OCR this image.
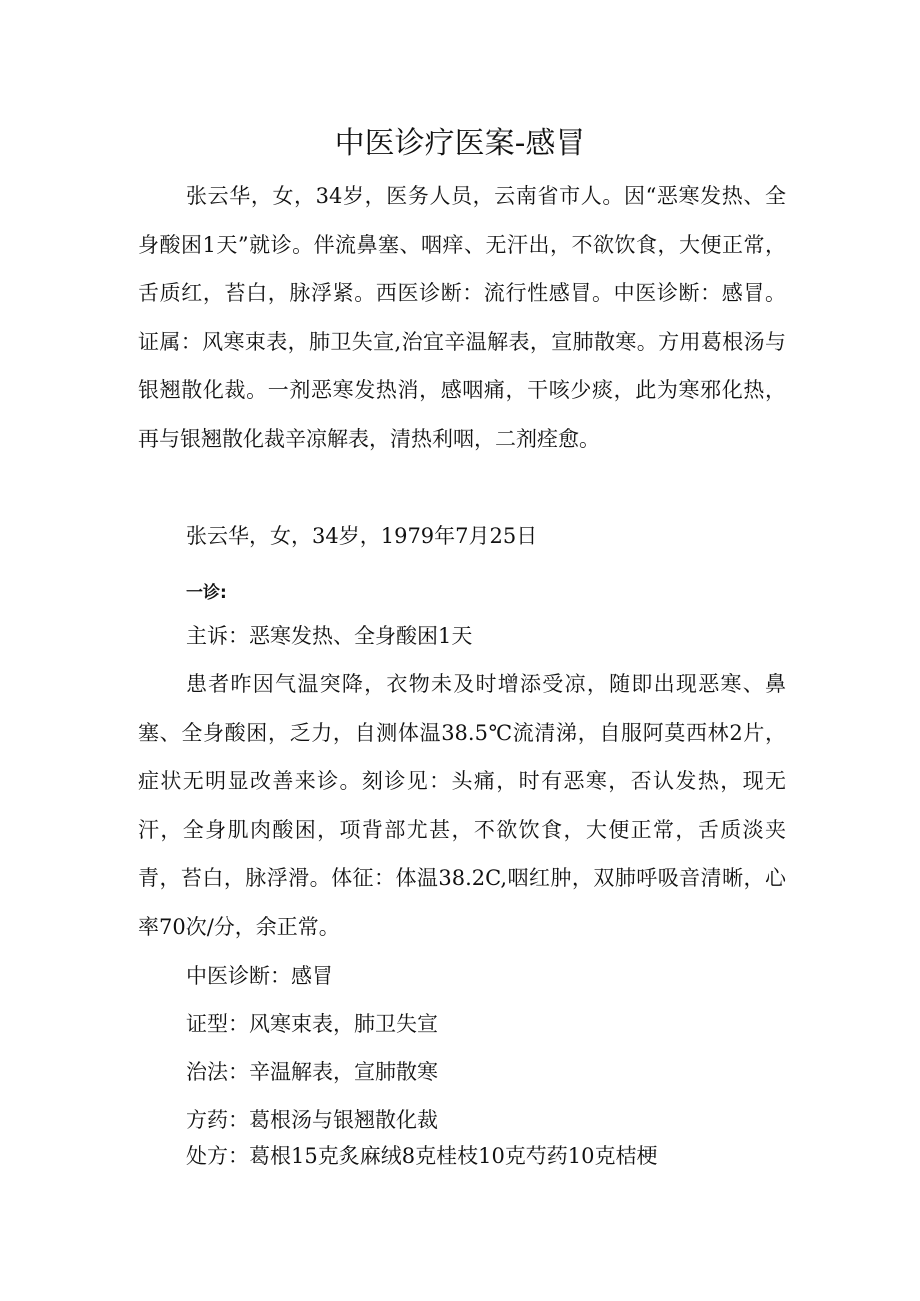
中医诊疗医案-感冒

张云华，女，34岁，医务人员，云南省市人。因“恶寒发热、全身酸困1天”就诊。伴流鼻塞、咽痒、无汗出，不欲饮食，大便正常，舌质红，苔白，脉浮紧。西医诊断：流行性感冒。中医诊断：感冒。证属：风寒束表，肺卫失宣,治宜辛温解表，宣肺散寒。方用葛根汤与银翘散化裁。一剂恶寒发热消，感咽痛，干咳少痰，此为寒邪化热，再与银翘散化裁辛凉解表，清热利咽，二剂痊愈。

张云华，女，34岁，1979年7月25日

一诊:

主诉：恶寒发热、全身酸困1天

患者昨因气温突降，衣物未及时增添受凉，随即出现恶寒、鼻塞、全身酸困，乏力，自测体温38.5℃流清涕，自服阿莫西林2片，症状无明显改善来诊。刻诊见：头痛，时有恶寒，否认发热，现无汗，全身肌肉酸困，项背部尤甚，不欲饮食，大便正常，舌质淡夹青，苔白，脉浮滑。体征：体温38.2C,咽红肿，双肺呼吸音清晰，心率70次/分，余正常。

中医诊断：感冒
证型：风寒束表，肺卫失宣
治法：辛温解表，宣肺散寒
方药：葛根汤与银翘散化裁
处方：葛根15克炙麻绒8克桂枝10克芍药10克桔梗
